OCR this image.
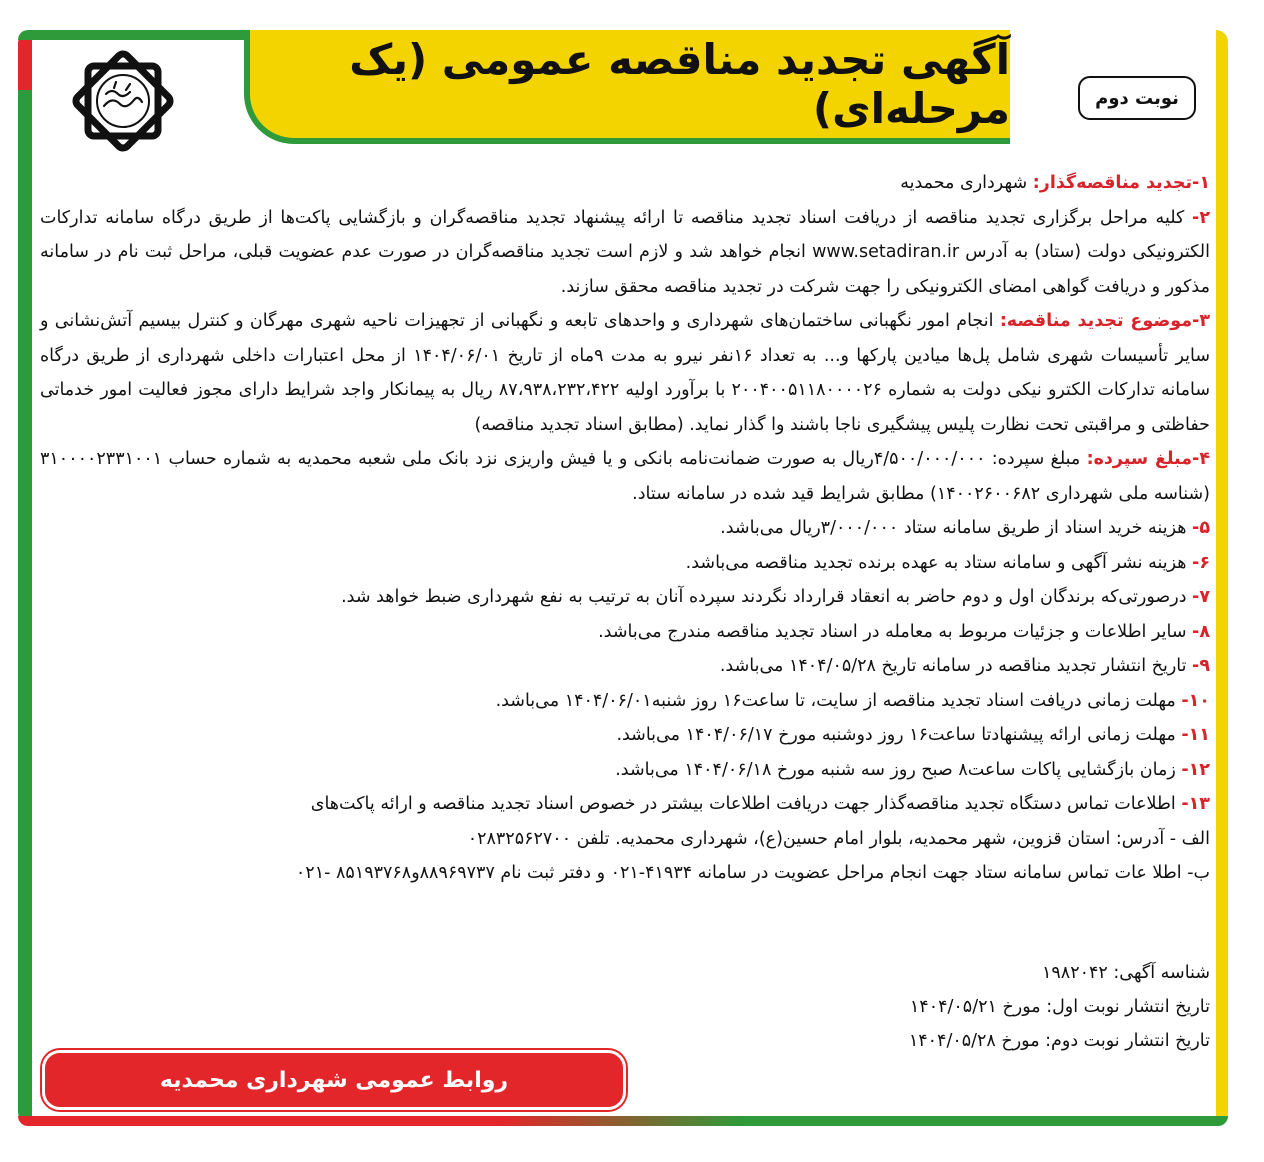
آگهی تجدید مناقصه عمومی (یک مرحله‌ای)	نوبت دوم

۱-تجدید مناقصه‌گذار: شهرداری محمدیه

۲- کلیه مراحل برگزاری تجدید مناقصه از دریافت اسناد تجدید مناقصه تا ارائه پیشنهاد تجدید مناقصه‌گران و بازگشایی پاکت‌ها از طریق درگاه سامانه تدارکات الکترونیکی دولت (ستاد) به آدرس www.setadiran.ir انجام خواهد شد و لازم است تجدید مناقصه‌گران در صورت عدم عضویت قبلی، مراحل ثبت نام در سامانه مذکور و دریافت گواهی امضای الکترونیکی را جهت شرکت در تجدید مناقصه محقق سازند.

۳-موضوع تجدید مناقصه: انجام امور نگهبانی ساختمان‌های شهرداری و واحدهای تابعه و نگهبانی از تجهیزات ناحیه شهری مهرگان و کنترل بیسیم آتش‌نشانی و سایر تأسیسات شهری شامل پل‌ها میادین پارکها و... به تعداد ۱۶نفر نیرو به مدت ۹ماه از تاریخ ۱۴۰۴/۰۶/۰۱ از محل اعتبارات داخلی شهرداری از طریق درگاه سامانه تدارکات الکترو نیکی دولت به شماره ۲۰۰۴۰۰۵۱۱۸۰۰۰۰۲۶ با برآورد اولیه ۸۷،۹۳۸،۲۳۲،۴۲۲ ریال به پیمانکار واجد شرایط دارای مجوز فعالیت امور خدماتی حفاظتی و مراقبتی تحت نظارت پلیس پیشگیری ناجا باشند وا گذار نماید. (مطابق اسناد تجدید مناقصه)

۴-مبلغ سپرده: مبلغ سپرده: ۴/۵۰۰/۰۰۰/۰۰۰ریال به صورت ضمانت‌نامه بانکی و یا فیش واریزی نزد بانک ملی شعبه محمدیه به شماره حساب ۳۱۰۰۰۰۲۳۳۱۰۰۱ (شناسه ملی شهرداری ۱۴۰۰۲۶۰۰۶۸۲) مطابق شرایط قید شده در سامانه ستاد.

۵- هزینه خرید اسناد از طریق سامانه ستاد ۳/۰۰۰/۰۰۰ریال می‌باشد.

۶- هزینه نشر آگهی و سامانه ستاد به عهده برنده تجدید مناقصه می‌باشد.

۷- درصورتی‌که برندگان اول و دوم حاضر به انعقاد قرارداد نگردند سپرده آنان به ترتیب به نفع شهرداری ضبط خواهد شد.

۸- سایر اطلاعات و جزئیات مربوط به معامله در اسناد تجدید مناقصه مندرج می‌باشد.

۹- تاریخ انتشار تجدید مناقصه در سامانه تاریخ ۱۴۰۴/۰۵/۲۸ می‌باشد.

۱۰- مهلت زمانی دریافت اسناد تجدید مناقصه از سایت، تا ساعت۱۶ روز شنبه۱۴۰۴/۰۶/۰۱ می‌باشد.

۱۱- مهلت زمانی ارائه پیشنهادتا ساعت۱۶ روز دوشنبه مورخ ۱۴۰۴/۰۶/۱۷ می‌باشد.

۱۲- زمان بازگشایی پاکات ساعت۸ صبح روز سه شنبه مورخ ۱۴۰۴/۰۶/۱۸ می‌باشد.

۱۳- اطلاعات تماس دستگاه تجدید مناقصه‌گذار جهت دریافت اطلاعات بیشتر در خصوص اسناد تجدید مناقصه و ارائه پاکت‌های

الف - آدرس: استان قزوین، شهر محمدیه، بلوار امام حسین(ع)، شهرداری محمدیه. تلفن ۰۲۸۳۲۵۶۲۷۰۰

ب- اطلا عات تماس سامانه ستاد جهت انجام مراحل عضویت در سامانه ۴۱۹۳۴-۰۲۱ و دفتر ثبت نام ۸۸۹۶۹۷۳۷و۸۵۱۹۳۷۶۸ -۰۲۱

شناسه آگهی: ۱۹۸۲۰۴۲

تاریخ انتشار نوبت اول: مورخ ۱۴۰۴/۰۵/۲۱

تاریخ انتشار نوبت دوم: مورخ ۱۴۰۴/۰۵/۲۸

روابط عمومی شهرداری محمدیه
